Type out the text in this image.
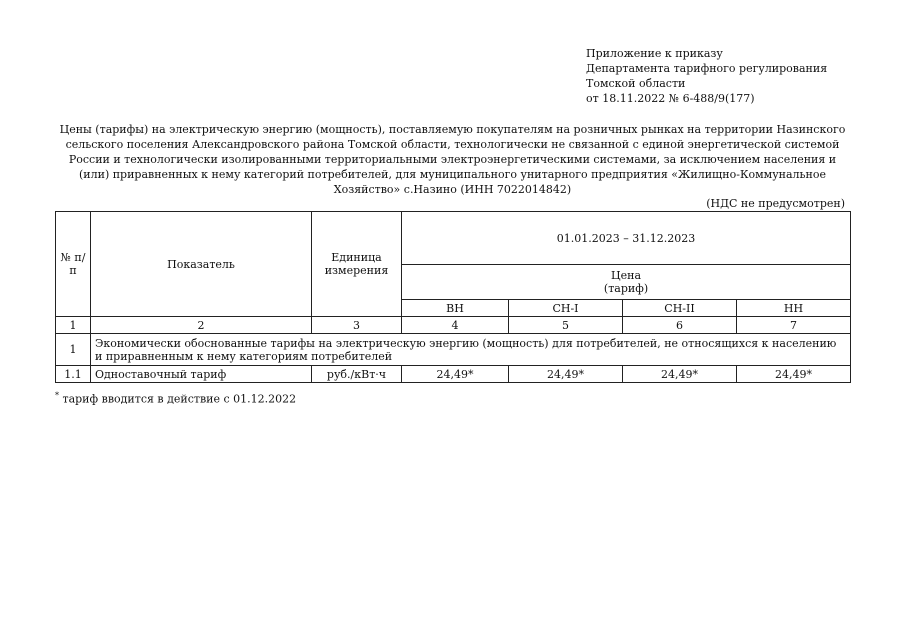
Приложение к приказу
Департамента тарифного регулирования
Томской области
от 18.11.2022 № 6-488/9(177)
Цены (тарифы) на электрическую энергию (мощность), поставляемую покупателям на розничных рынках на территории Назинского сельского поселения Александровского района Томской области, технологически не связанной с единой энергетической системой России и технологически изолированными территориальными электроэнергетическими системами, за исключением населения и (или) приравненных к нему категорий потребителей, для муниципального унитарного предприятия «Жилищно-Коммунальное Хозяйство» с.Назино (ИНН 7022014842)
(НДС не предусмотрен)
№ п/п	Показатель	Единица измерения	01.01.2023 – 31.12.2023			

			Цена
(тариф)			

			ВН	СН-I	СН-II	НН
1	2	3	4	5	6	7
1	Экономически обоснованные тарифы на электрическую энергию (мощность) для потребителей, не относящихся к населению и приравненным к нему категориям потребителей					
1.1	Одноставочный тариф	руб./кВт·ч	24,49*	24,49*	24,49*	24,49*
* тариф вводится в действие с 01.12.2022
